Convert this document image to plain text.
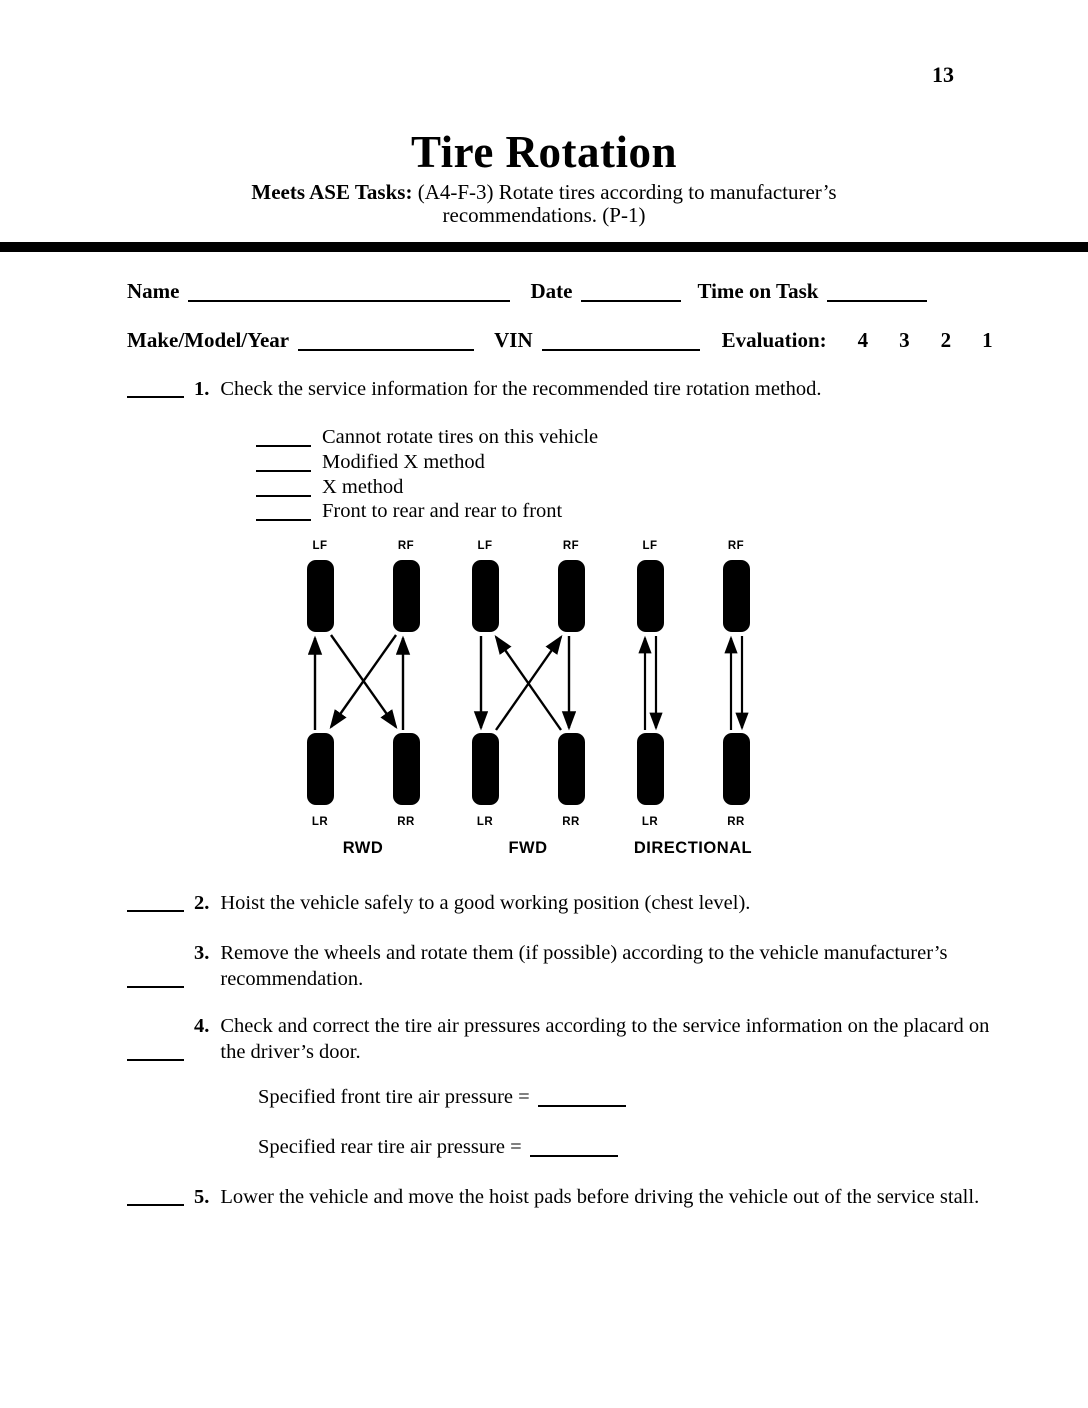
13
Tire Rotation
Meets ASE Tasks: (A4-F-3) Rotate tires according to manufacturer’s
recommendations. (P-1)
Name	Date	Time on Task
Make/Model/Year	VIN	Evaluation: 4 3 2 1
1. Check the service information for the recommended tire rotation method.
Cannot rotate tires on this vehicle
Modified X method
X method
Front to rear and rear to front
LF	RF
LR	RR
RWD
LF	RF
LR	RR
FWD
LF	RF
LR	RR
DIRECTIONAL
2. Hoist the vehicle safely to a good working position (chest level).
3. Remove the wheels and rotate them (if possible) according to the vehicle manufacturer’s recommendation.
4. Check and correct the tire air pressures according to the service information on the placard on the driver’s door.
Specified front tire air pressure =
Specified rear tire air pressure =
5. Lower the vehicle and move the hoist pads before driving the vehicle out of the service stall.
